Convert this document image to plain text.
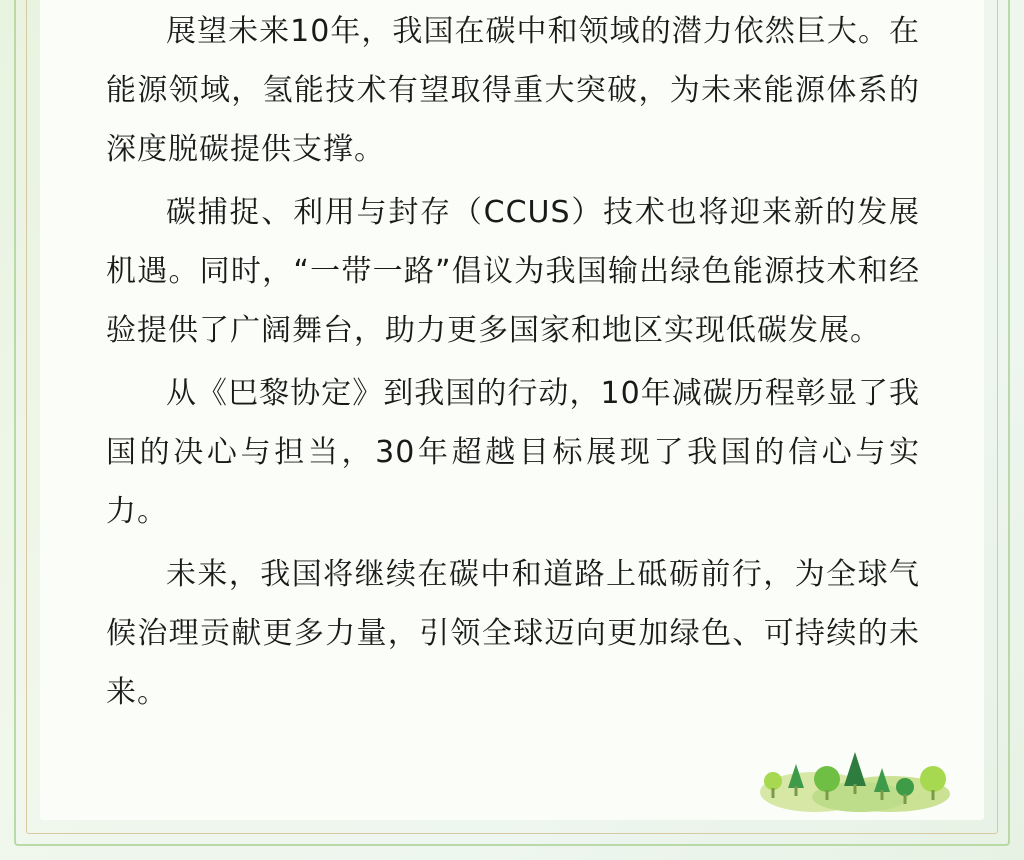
展望未来10年，我国在碳中和领域的潜力依然巨大。在能源领域，氢能技术有望取得重大突破，为未来能源体系的深度脱碳提供支撑。

碳捕捉、利用与封存（CCUS）技术也将迎来新的发展机遇。同时，“一带一路”倡议为我国输出绿色能源技术和经验提供了广阔舞台，助力更多国家和地区实现低碳发展。

从《巴黎协定》到我国的行动，10年减碳历程彰显了我国的决心与担当，30年超越目标展现了我国的信心与实力。

未来，我国将继续在碳中和道路上砥砺前行，为全球气候治理贡献更多力量，引领全球迈向更加绿色、可持续的未来。
